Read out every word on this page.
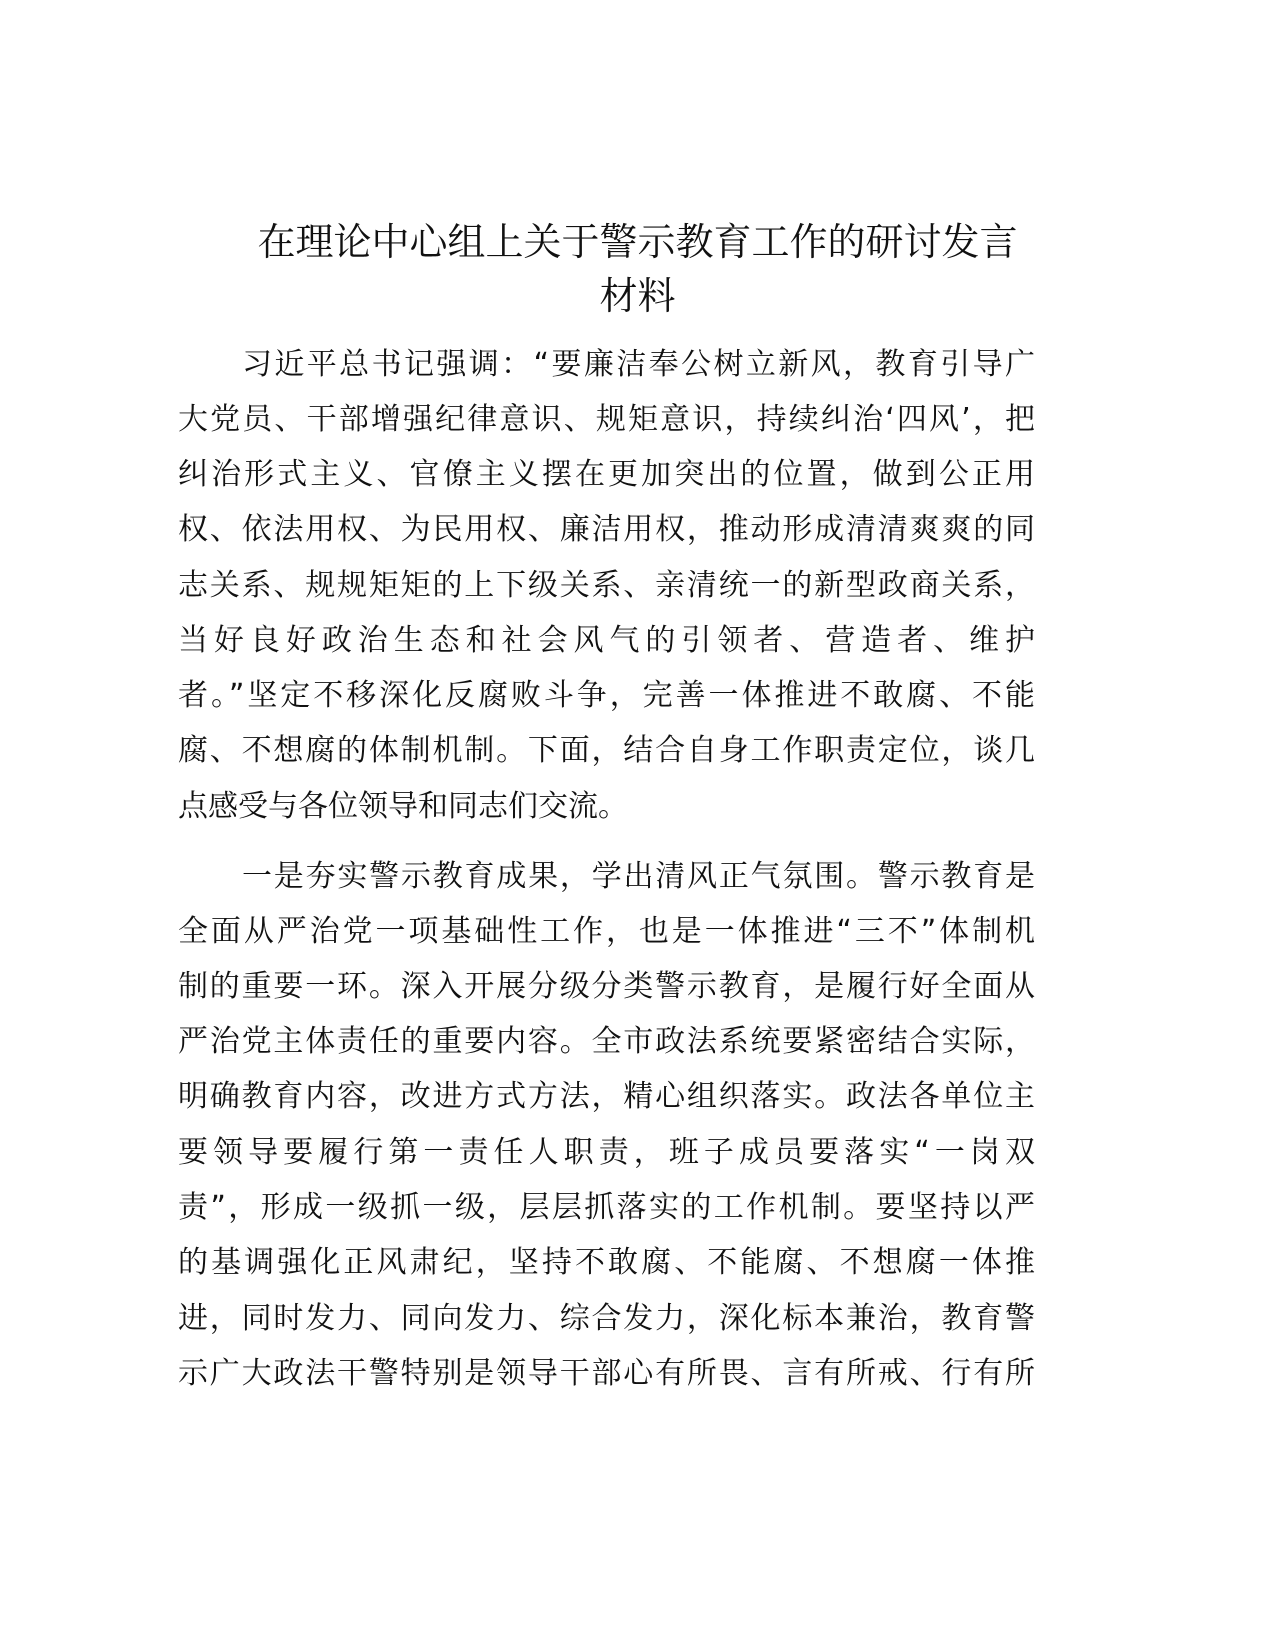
在理论中心组上关于警示教育工作的研讨发言
材料
习近平总书记强调：“要廉洁奉公树立新风，教育引导广
大党员、干部增强纪律意识、规矩意识，持续纠治‘四风’，把
纠治形式主义、官僚主义摆在更加突出的位置，做到公正用
权、依法用权、为民用权、廉洁用权，推动形成清清爽爽的同
志关系、规规矩矩的上下级关系、亲清统一的新型政商关系，
当好良好政治生态和社会风气的引领者、营造者、维护
者。”坚定不移深化反腐败斗争，完善一体推进不敢腐、不能
腐、不想腐的体制机制。下面，结合自身工作职责定位，谈几
点感受与各位领导和同志们交流。
一是夯实警示教育成果，学出清风正气氛围。警示教育是
全面从严治党一项基础性工作，也是一体推进“三不”体制机
制的重要一环。深入开展分级分类警示教育，是履行好全面从
严治党主体责任的重要内容。全市政法系统要紧密结合实际，
明确教育内容，改进方式方法，精心组织落实。政法各单位主
要领导要履行第一责任人职责，班子成员要落实“一岗双
责”，形成一级抓一级，层层抓落实的工作机制。要坚持以严
的基调强化正风肃纪，坚持不敢腐、不能腐、不想腐一体推
进，同时发力、同向发力、综合发力，深化标本兼治，教育警
示广大政法干警特别是领导干部心有所畏、言有所戒、行有所
